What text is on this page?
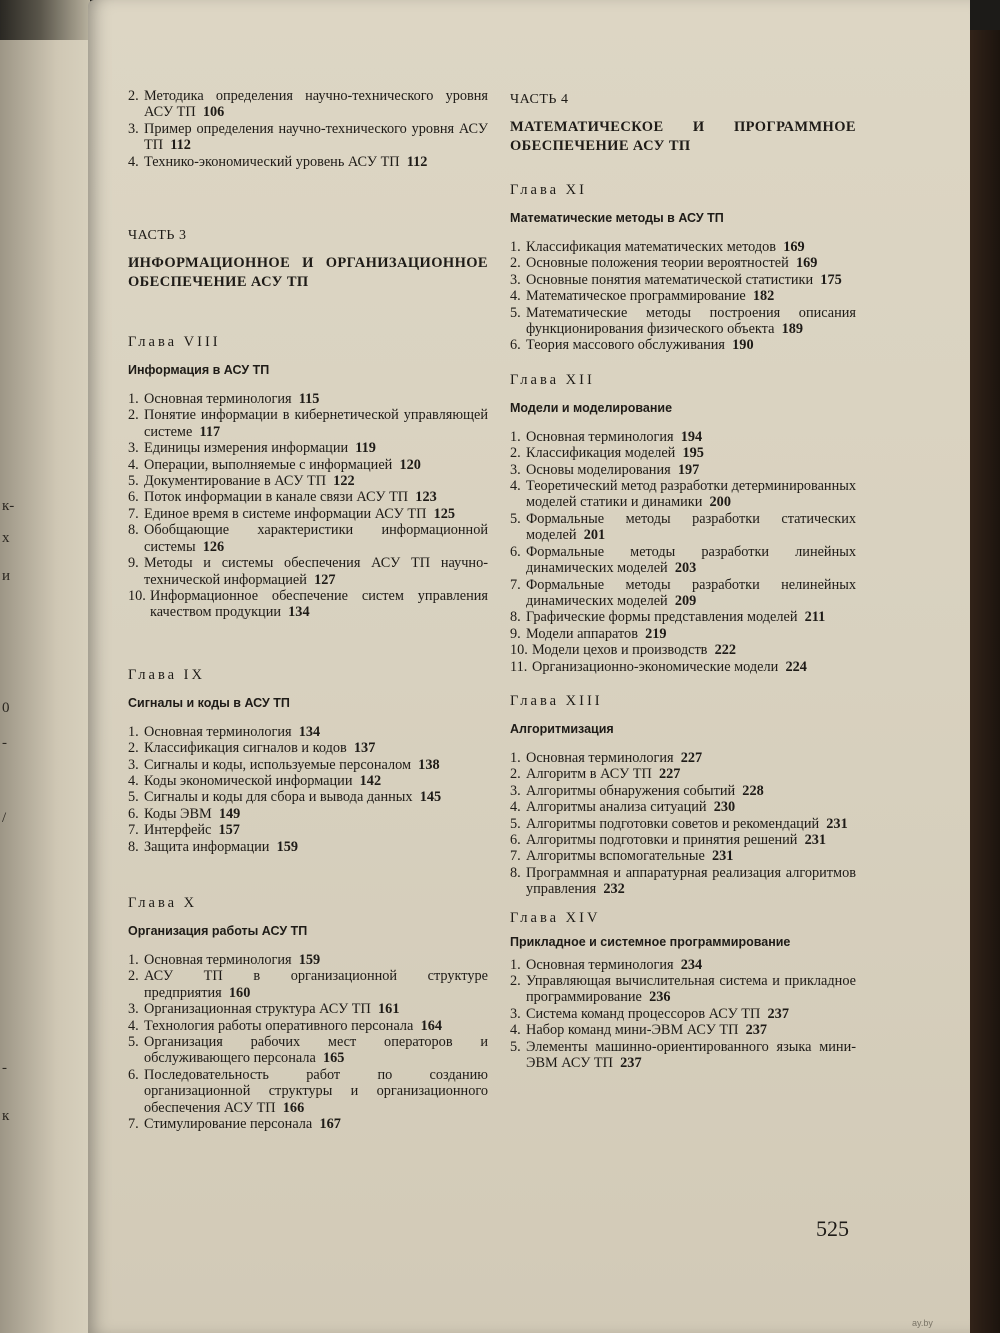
к-
х
и
0
-
/
-
к
2. Методика определения научно-технического уровня АСУ ТП 106
3. Пример определения научно-технического уровня АСУ ТП 112
4. Технико-экономический уровень АСУ ТП 112

ЧАСТЬ 3

ИНФОРМАЦИОННОЕ И ОРГАНИЗАЦИОННОЕ ОБЕСПЕЧЕНИЕ АСУ ТП

Глава VIII

Информация в АСУ ТП

1. Основная терминология 115
2. Понятие информации в кибернетической управляющей системе 117
3. Единицы измерения информации 119
4. Операции, выполняемые с информацией 120
5. Документирование в АСУ ТП 122
6. Поток информации в канале связи АСУ ТП 123
7. Единое время в системе информации АСУ ТП 125
8. Обобщающие характеристики информационной системы 126
9. Методы и системы обеспечения АСУ ТП научно-технической информацией 127
10. Информационное обеспечение систем управления качеством продукции 134

Глава IX

Сигналы и коды в АСУ ТП

1. Основная терминология 134
2. Классификация сигналов и кодов 137
3. Сигналы и коды, используемые персоналом 138
4. Коды экономической информации 142
5. Сигналы и коды для сбора и вывода данных 145
6. Коды ЭВМ 149
7. Интерфейс 157
8. Защита информации 159

Глава X

Организация работы АСУ ТП

1. Основная терминология 159
2. АСУ ТП в организационной структуре предприятия 160
3. Организационная структура АСУ ТП 161
4. Технология работы оперативного персонала 164
5. Организация рабочих мест операторов и обслуживающего персонала 165
6. Последовательность работ по созданию организационной структуры и организационного обеспечения АСУ ТП 166
7. Стимулирование персонала 167

ЧАСТЬ 4

МАТЕМАТИЧЕСКОЕ И ПРОГРАММНОЕ ОБЕСПЕЧЕНИЕ АСУ ТП

Глава XI

Математические методы в АСУ ТП

1. Классификация математических методов 169
2. Основные положения теории вероятностей 169
3. Основные понятия математической статистики 175
4. Математическое программирование 182
5. Математические методы построения описания функционирования физического объекта 189
6. Теория массового обслуживания 190

Глава XII

Модели и моделирование

1. Основная терминология 194
2. Классификация моделей 195
3. Основы моделирования 197
4. Теоретический метод разработки детерминированных моделей статики и динамики 200
5. Формальные методы разработки статических моделей 201
6. Формальные методы разработки линейных динамических моделей 203
7. Формальные методы разработки нелинейных динамических моделей 209
8. Графические формы представления моделей 211
9. Модели аппаратов 219
10. Модели цехов и производств 222
11. Организационно-экономические модели 224

Глава XIII

Алгоритмизация

1. Основная терминология 227
2. Алгоритм в АСУ ТП 227
3. Алгоритмы обнаружения событий 228
4. Алгоритмы анализа ситуаций 230
5. Алгоритмы подготовки советов и рекомендаций 231
6. Алгоритмы подготовки и принятия решений 231
7. Алгоритмы вспомогательные 231
8. Программная и аппаратурная реализация алгоритмов управления 232

Глава XIV

Прикладное и системное программирование

1. Основная терминология 234
2. Управляющая вычислительная система и прикладное программирование 236
3. Система команд процессоров АСУ ТП 237
4. Набор команд мини-ЭВМ АСУ ТП 237
5. Элементы машинно-ориентированного языка мини-ЭВМ АСУ ТП 237
525
ay.by
